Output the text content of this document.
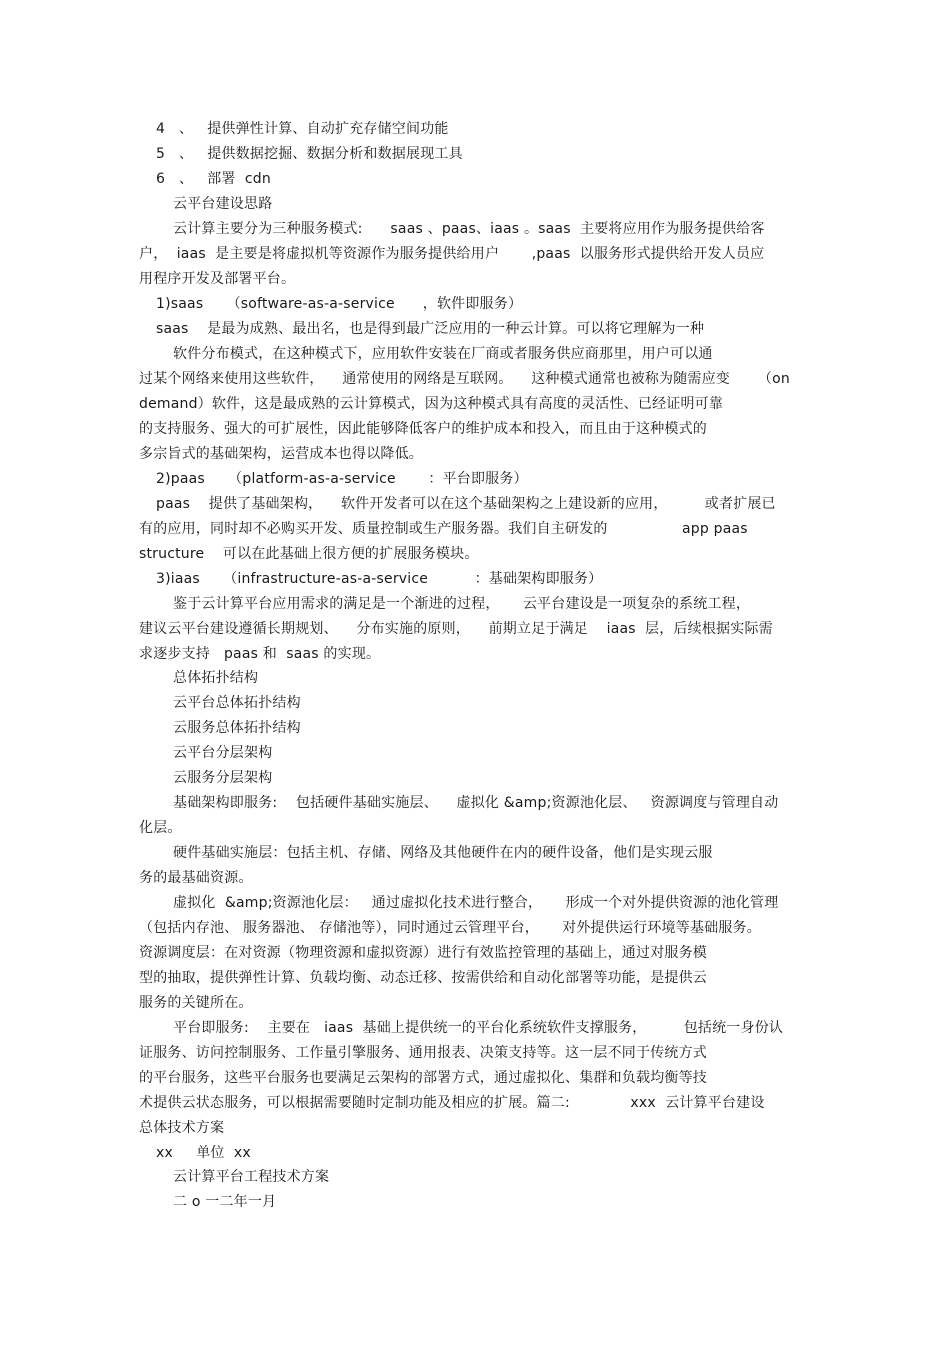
4   、   提供弹性计算、自动扩充存储空间功能
5   、   提供数据挖掘、数据分析和数据展现工具
6   、   部署  cdn
云平台建设思路
云计算主要分为三种服务模式:      saas 、paas、iaas 。saas  主要将应用作为服务提供给客
户，  iaas  是主要是将虚拟机等资源作为服务提供给用户       ,paas  以服务形式提供给开发人员应
用程序开发及部署平台。
1)saas     （software-as-a-service      ，软件即服务）
saas    是最为成熟、最出名，也是得到最广泛应用的一种云计算。可以将它理解为一种
软件分布模式，在这种模式下，应用软件安装在厂商或者服务供应商那里，用户可以通
过某个网络来使用这些软件，    通常使用的网络是互联网。    这种模式通常也被称为随需应变      （on
demand）软件，这是最成熟的云计算模式，因为这种模式具有高度的灵活性、已经证明可靠
的支持服务、强大的可扩展性，因此能够降低客户的维护成本和投入，而且由于这种模式的
多宗旨式的基础架构，运营成本也得以降低。
2)paas     （platform-as-a-service       ：平台即服务）
paas    提供了基础架构，    软件开发者可以在这个基础架构之上建设新的应用，        或者扩展已
有的应用，同时却不必购买开发、质量控制或生产服务器。我们自主研发的                app paas
structure    可以在此基础上很方便的扩展服务模块。
3)iaas     （infrastructure-as-a-service          ：基础架构即服务）
鉴于云计算平台应用需求的满足是一个渐进的过程，     云平台建设是一项复杂的系统工程，
建议云平台建设遵循长期规划、    分布实施的原则，    前期立足于满足    iaas  层，后续根据实际需
求逐步支持   paas 和  saas 的实现。
总体拓扑结构
云平台总体拓扑结构
云服务总体拓扑结构
云平台分层架构
云服务分层架构
基础架构即服务:    包括硬件基础实施层、    虚拟化 &amp;资源池化层、   资源调度与管理自动
化层。
硬件基础实施层：包括主机、存储、网络及其他硬件在内的硬件设备，他们是实现云服
务的最基础资源。
虚拟化  &amp;资源池化层：   通过虚拟化技术进行整合，     形成一个对外提供资源的池化管理
（包括内存池、 服务器池、 存储池等），同时通过云管理平台，     对外提供运行环境等基础服务。
资源调度层：在对资源（物理资源和虚拟资源）进行有效监控管理的基础上，通过对服务模
型的抽取，提供弹性计算、负载均衡、动态迁移、按需供给和自动化部署等功能，是提供云
服务的关键所在。
平台即服务:    主要在   iaas  基础上提供统一的平台化系统软件支撑服务，        包括统一身份认
证服务、访问控制服务、工作量引擎服务、通用报表、决策支持等。这一层不同于传统方式
的平台服务，这些平台服务也要满足云架构的部署方式，通过虚拟化、集群和负载均衡等技
术提供云状态服务，可以根据需要随时定制功能及相应的扩展。篇二:             xxx  云计算平台建设
总体技术方案
xx     单位  xx
云计算平台工程技术方案
二 o 一二年一月
